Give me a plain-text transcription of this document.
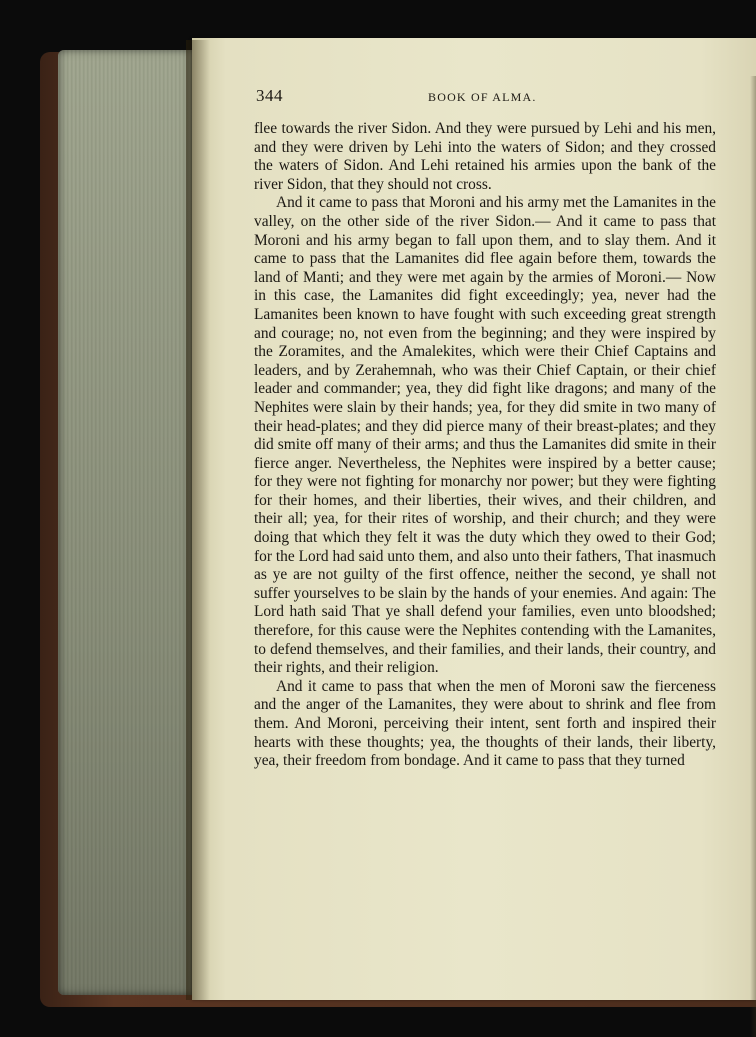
344	BOOK OF ALMA.

flee towards the river Sidon. And they were pursued by Lehi and his men, and they were driven by Lehi into the waters of Sidon; and they crossed the waters of Sidon. And Lehi retained his armies upon the bank of the river Sidon, that they should not cross.

And it came to pass that Moroni and his army met the Lamanites in the valley, on the other side of the river Sidon.— And it came to pass that Moroni and his army began to fall upon them, and to slay them. And it came to pass that the Lamanites did flee again before them, towards the land of Manti; and they were met again by the armies of Moroni.— Now in this case, the Lamanites did fight exceedingly; yea, never had the Lamanites been known to have fought with such exceeding great strength and courage; no, not even from the beginning; and they were inspired by the Zoramites, and the Amalekites, which were their Chief Captains and leaders, and by Zerahemnah, who was their Chief Captain, or their chief leader and commander; yea, they did fight like dragons; and many of the Nephites were slain by their hands; yea, for they did smite in two many of their head-plates; and they did pierce many of their breast-plates; and they did smite off many of their arms; and thus the Lamanites did smite in their fierce anger. Nevertheless, the Nephites were inspired by a better cause; for they were not fighting for monarchy nor power; but they were fighting for their homes, and their liberties, their wives, and their children, and their all; yea, for their rites of worship, and their church; and they were doing that which they felt it was the duty which they owed to their God; for the Lord had said unto them, and also unto their fathers, That inasmuch as ye are not guilty of the first offence, neither the second, ye shall not suffer yourselves to be slain by the hands of your enemies. And again: The Lord hath said That ye shall defend your families, even unto bloodshed; therefore, for this cause were the Nephites contending with the Lamanites, to defend themselves, and their families, and their lands, their country, and their rights, and their religion.

And it came to pass that when the men of Moroni saw the fierceness and the anger of the Lamanites, they were about to shrink and flee from them. And Moroni, perceiving their intent, sent forth and inspired their hearts with these thoughts; yea, the thoughts of their lands, their liberty, yea, their freedom from bondage. And it came to pass that they turned
